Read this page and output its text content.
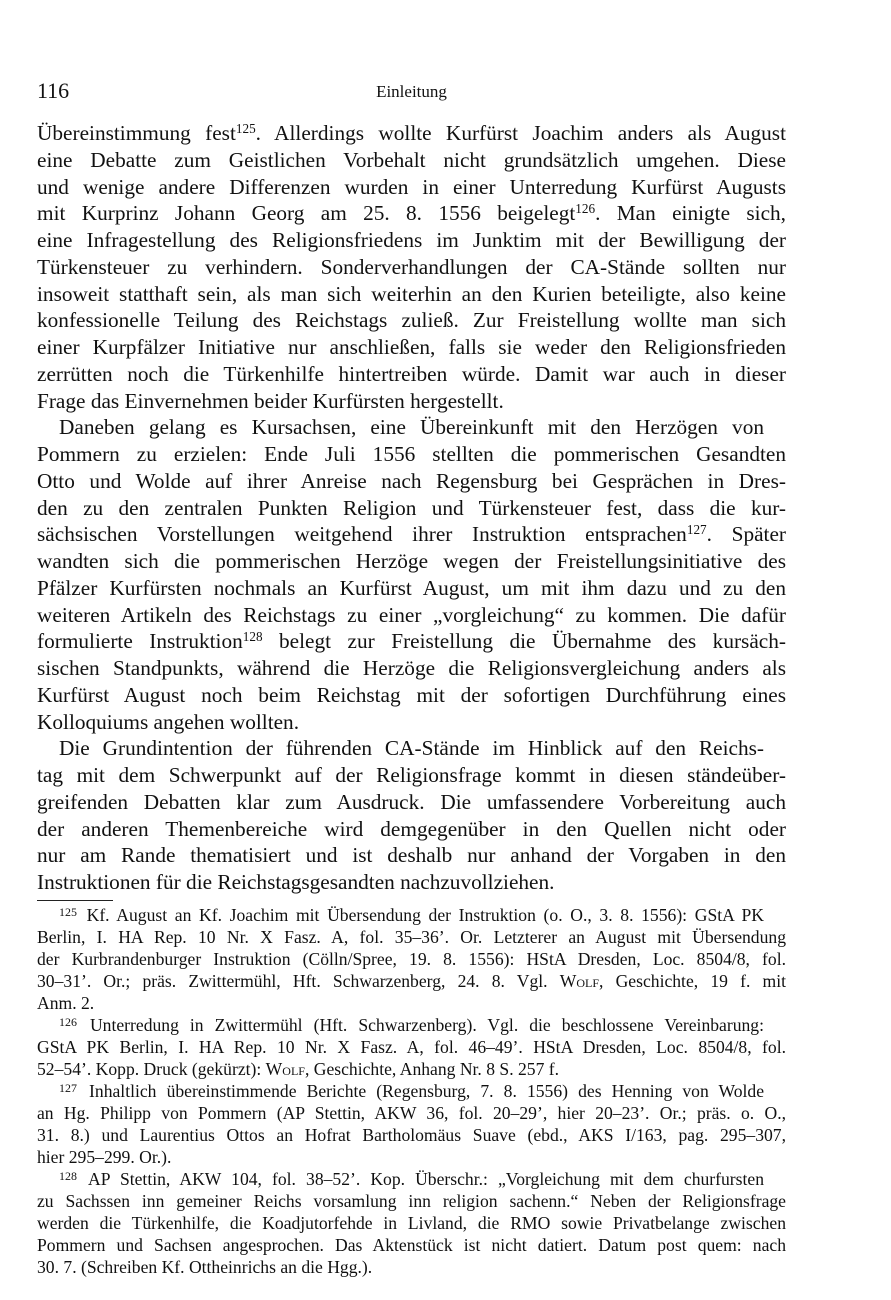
116	Einleitung
Übereinstimmung fest$^{125}$. Allerdings wollte Kurfürst Joachim anders als August
eine Debatte zum Geistlichen Vorbehalt nicht grundsätzlich umgehen. Diese
und wenige andere Differenzen wurden in einer Unterredung Kurfürst Augusts
mit Kurprinz Johann Georg am 25. 8. 1556 beigelegt$^{126}$. Man einigte sich,
eine Infragestellung des Religionsfriedens im Junktim mit der Bewilligung der
Türkensteuer zu verhindern. Sonderverhandlungen der CA-Stände sollten nur
insoweit statthaft sein, als man sich weiterhin an den Kurien beteiligte, also keine
konfessionelle Teilung des Reichstags zuließ. Zur Freistellung wollte man sich
einer Kurpfälzer Initiative nur anschließen, falls sie weder den Religionsfrieden
zerrütten noch die Türkenhilfe hintertreiben würde. Damit war auch in dieser
Frage das Einvernehmen beider Kurfürsten hergestellt.
Daneben gelang es Kursachsen, eine Übereinkunft mit den Herzögen von
Pommern zu erzielen: Ende Juli 1556 stellten die pommerischen Gesandten
Otto und Wolde auf ihrer Anreise nach Regensburg bei Gesprächen in Dres-
den zu den zentralen Punkten Religion und Türkensteuer fest, dass die kur-
sächsischen Vorstellungen weitgehend ihrer Instruktion entsprachen$^{127}$. Später
wandten sich die pommerischen Herzöge wegen der Freistellungsinitiative des
Pfälzer Kurfürsten nochmals an Kurfürst August, um mit ihm dazu und zu den
weiteren Artikeln des Reichstags zu einer „vorgleichung“ zu kommen. Die dafür
formulierte Instruktion$^{128}$ belegt zur Freistellung die Übernahme des kursäch-
sischen Standpunkts, während die Herzöge die Religionsvergleichung anders als
Kurfürst August noch beim Reichstag mit der sofortigen Durchführung eines
Kolloquiums angehen wollten.
Die Grundintention der führenden CA-Stände im Hinblick auf den Reichs-
tag mit dem Schwerpunkt auf der Religionsfrage kommt in diesen ständeüber-
greifenden Debatten klar zum Ausdruck. Die umfassendere Vorbereitung auch
der anderen Themenbereiche wird demgegenüber in den Quellen nicht oder
nur am Rande thematisiert und ist deshalb nur anhand der Vorgaben in den
Instruktionen für die Reichstagsgesandten nachzuvollziehen.
$^{125}$ Kf. August an Kf. Joachim mit Übersendung der Instruktion (o. O., 3. 8. 1556): GStA PK
Berlin, I. HA Rep. 10 Nr. X Fasz. A, fol. 35–36’. Or. Letzterer an August mit Übersendung
der Kurbrandenburger Instruktion (Cölln/Spree, 19. 8. 1556): HStA Dresden, Loc. 8504/8, fol.
30–31’. Or.; präs. Zwittermühl, Hft. Schwarzenberg, 24. 8. Vgl. Wolf, Geschichte, 19 f. mit
Anm. 2.
$^{126}$ Unterredung in Zwittermühl (Hft. Schwarzenberg). Vgl. die beschlossene Vereinbarung:
GStA PK Berlin, I. HA Rep. 10 Nr. X Fasz. A, fol. 46–49’. HStA Dresden, Loc. 8504/8, fol.
52–54’. Kopp. Druck (gekürzt): Wolf, Geschichte, Anhang Nr. 8 S. 257 f.
$^{127}$ Inhaltlich übereinstimmende Berichte (Regensburg, 7. 8. 1556) des Henning von Wolde
an Hg. Philipp von Pommern (AP Stettin, AKW 36, fol. 20–29’, hier 20–23’. Or.; präs. o. O.,
31. 8.) und Laurentius Ottos an Hofrat Bartholomäus Suave (ebd., AKS I/163, pag. 295–307,
hier 295–299. Or.).
$^{128}$ AP Stettin, AKW 104, fol. 38–52’. Kop. Überschr.: „Vorgleichung mit dem churfursten
zu Sachssen inn gemeiner Reichs vorsamlung inn religion sachenn.“ Neben der Religionsfrage
werden die Türkenhilfe, die Koadjutorfehde in Livland, die RMO sowie Privatbelange zwischen
Pommern und Sachsen angesprochen. Das Aktenstück ist nicht datiert. Datum post quem: nach
30. 7. (Schreiben Kf. Ottheinrichs an die Hgg.).
